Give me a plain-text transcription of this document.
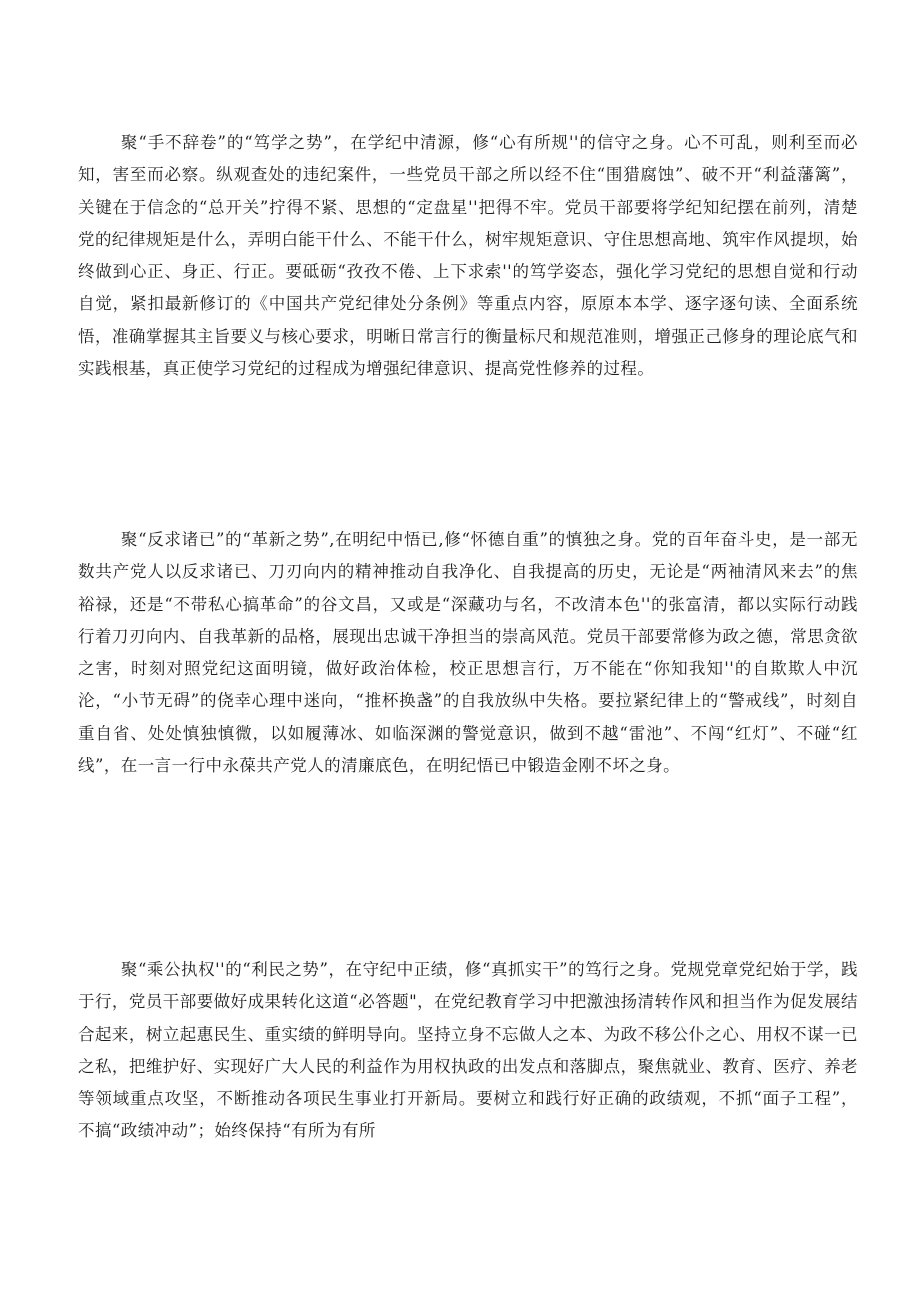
聚“手不辞卷”的“笃学之势”，在学纪中清源，修“心有所规''的信守之身。心不可乱，则利至而必知，害至而必察。纵观查处的违纪案件，一些党员干部之所以经不住“围猎腐蚀”、破不开“利益藩篱”，关键在于信念的“总开关”拧得不紧、思想的“定盘星''把得不牢。党员干部要将学纪知纪摆在前列，清楚党的纪律规矩是什么，弄明白能干什么、不能干什么，树牢规矩意识、守住思想高地、筑牢作风提坝，始终做到心正、身正、行正。要砥砺“孜孜不倦、上下求索''的笃学姿态，强化学习党纪的思想自觉和行动自觉，紧扣最新修订的《中国共产党纪律处分条例》等重点内容，原原本本学、逐字逐句读、全面系统悟，准确掌握其主旨要义与核心要求，明晰日常言行的衡量标尺和规范准则，增强正己修身的理论底气和实践根基，真正使学习党纪的过程成为增强纪律意识、提高党性修养的过程。

聚“反求诸已”的“革新之势”,在明纪中悟已,修“怀德自重”的慎独之身。党的百年奋斗史，是一部无数共产党人以反求诸已、刀刃向内的精神推动自我净化、自我提高的历史，无论是“两袖清风来去”的焦裕禄，还是“不带私心搞革命”的谷文昌，又或是“深藏功与名，不改清本色''的张富清，都以实际行动践行着刀刃向内、自我革新的品格，展现出忠诚干净担当的崇高风范。党员干部要常修为政之德，常思贪欲之害，时刻对照党纪这面明镜，做好政治体检，校正思想言行，万不能在“你知我知''的自欺欺人中沉沦，“小节无碍”的侥幸心理中迷向，“推杯换盏”的自我放纵中失格。要拉紧纪律上的“警戒线”，时刻自重自省、处处慎独慎微，以如履薄冰、如临深渊的警觉意识，做到不越“雷池”、不闯“红灯”、不碰“红线”，在一言一行中永葆共产党人的清廉底色，在明纪悟已中锻造金刚不坏之身。

聚“乘公执权''的“利民之势”，在守纪中正绩，修“真抓实干”的笃行之身。党规党章党纪始于学，践于行，党员干部要做好成果转化这道“必答题"，在党纪教育学习中把激浊扬清转作风和担当作为促发展结合起来，树立起惠民生、重实绩的鲜明导向。坚持立身不忘做人之本、为政不移公仆之心、用权不谋一已之私，把维护好、实现好广大人民的利益作为用权执政的出发点和落脚点，聚焦就业、教育、医疗、养老等领域重点攻坚，不断推动各项民生事业打开新局。要树立和践行好正确的政绩观，不抓“面子工程”，不搞“政绩冲动”；始终保持“有所为有所
